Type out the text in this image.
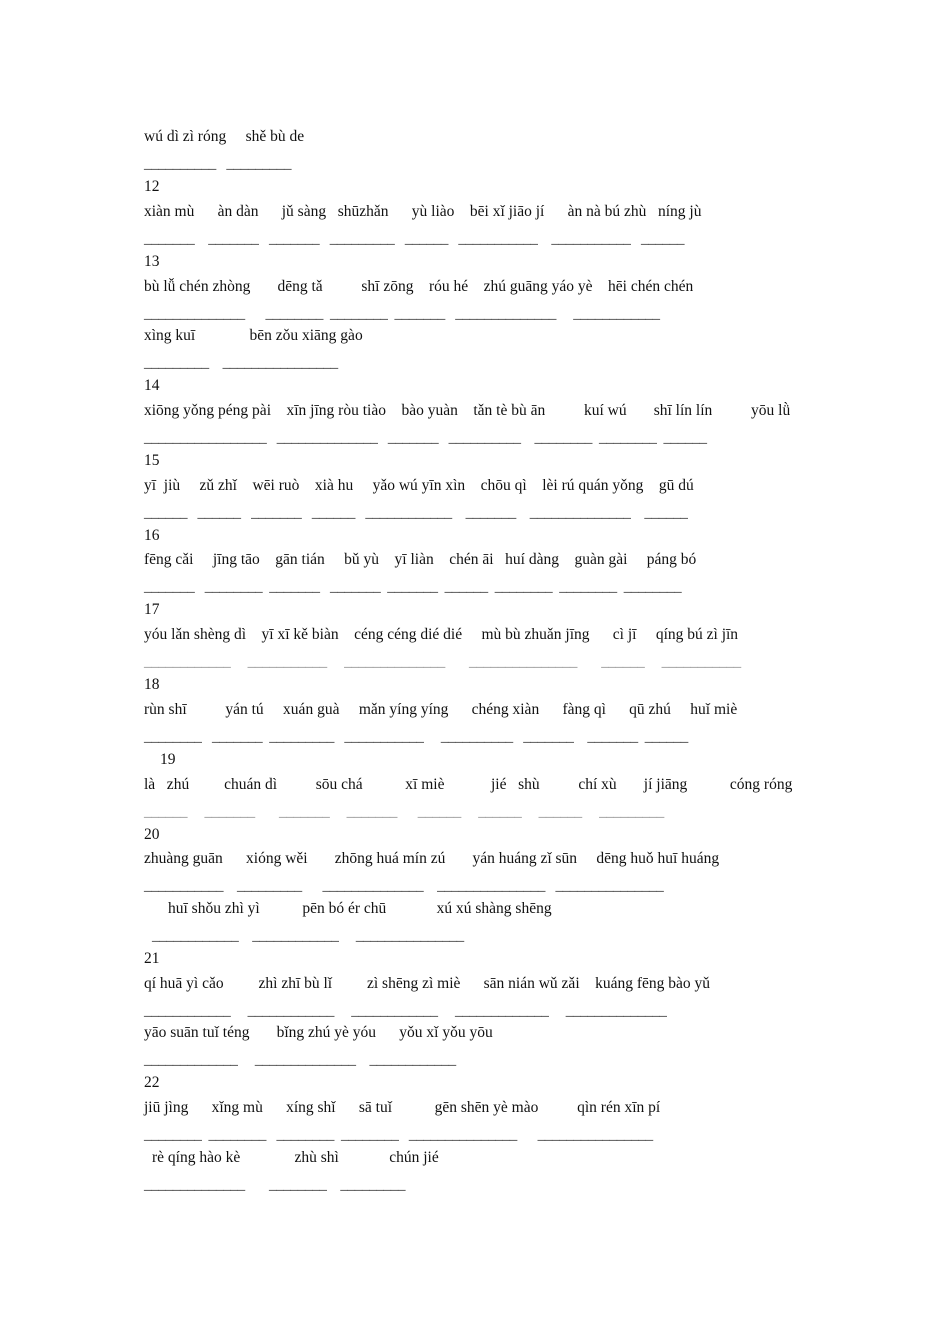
wú dì zì róng     shě bù de
__________   _________
12
xiàn mù      àn dàn      jǔ sàng   shūzhǎn      yù liào    bēi xǐ jiāo jí      àn nà bú zhù   níng jù
_______    _______   _______   _________   ______   ___________    ___________   ______
13
bù lǚ chén zhòng       dēng tǎ          shī zōng    róu hé    zhú guāng yáo yè    hēi chén chén
______________      ________  ________  _______   ______________     ____________
xìng kuī              bēn zǒu xiāng gào
_________    ________________
14
xiōng yǒng péng pài    xīn jīng ròu tiào    bào yuàn    tǎn tè bù ān          kuí wú       shī lín lín          yōu lǜ
_________________   ______________   _______   __________    ________  ________  ______
15
yī  jiù     zǔ zhǐ    wēi ruò    xià hu     yǎo wú yīn xìn    chōu qì    lèi rú quán yǒng    gū dú
______   ______   _______   ______   ____________    _______    ______________    ______
16
fēng cǎi     jīng tāo    gān tián     bǔ yù    yī liàn    chén āi   huí dàng    guàn gài     páng bó
_______   ________  _______   _______  _______  ______  ________  ________  ________
17
yóu lǎn shèng dì    yī xī kě biàn    céng céng dié dié     mù bù zhuǎn jīng      cì jī     qíng bú zì jīn
____________     ___________     ______________       _______________       ______     ___________
18
rùn shī          yán tú     xuán guà     mǎn yíng yíng      chéng xiàn      fàng qì      qū zhú     huǐ miè
________   _______  _________   ___________     __________   _______    _______  ______
19
là   zhú         chuán dì          sōu chá           xī miè            jié   shù          chí xù       jí jiāng           cóng róng
______     _______       _______     _______      ______     ______     ______     _________
20
zhuàng guān      xióng wěi       zhōng huá mín zú       yán huáng zǐ sūn     dēng huǒ huī huáng
___________    _________      ______________    _______________   _______________
huī shǒu zhì yì           pēn bó ér chū             xú xú shàng shēng
____________    ____________     _______________
21
qí huā yì cǎo         zhì zhī bù lǐ         zì shēng zì miè      sān nián wǔ zǎi    kuáng fēng bào yǔ
____________     ____________     ____________     _____________     ______________
yāo suān tuǐ téng       bǐng zhú yè yóu      yǒu xǐ yǒu yōu
_____________     ______________    ____________
22
jiū jìng      xǐng mù      xíng shǐ      sā tuǐ           gēn shēn yè mào          qìn rén xīn pí
________  ________   ________  ________   _______________      ________________
rè qíng hào kè              zhù shì             chún jié
______________       ________    _________
